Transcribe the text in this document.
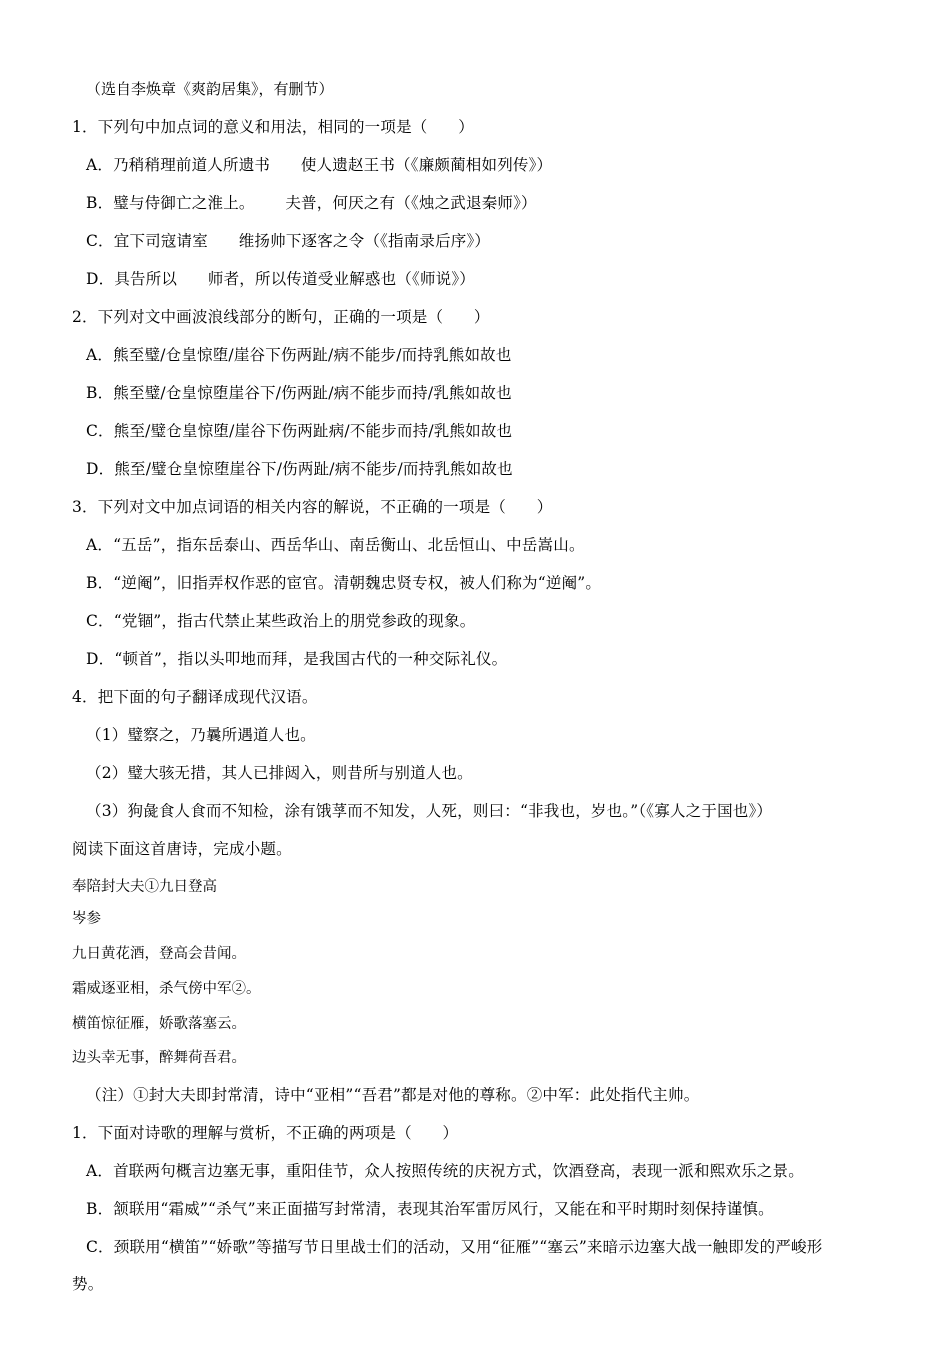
（选自李焕章《爽韵居集》，有删节）
1．下列句中加点词的意义和用法，相同的一项是（      ）
A．乃稍稍理前道人所遗书      使人遗赵王书（《廉颇蔺相如列传》）
B．璧与侍御亡之淮上。      夫普，何厌之有（《烛之武退秦师》）
C．宜下司寇请室      维扬帅下逐客之令（《指南录后序》）
D．具告所以      师者，所以传道受业解惑也（《师说》）
2．下列对文中画波浪线部分的断句，正确的一项是（      ）
A．熊至璧/仓皇惊堕/崖谷下伤两趾/病不能步/而持乳熊如故也
B．熊至璧/仓皇惊堕崖谷下/伤两趾/病不能步而持/乳熊如故也
C．熊至/璧仓皇惊堕/崖谷下伤两趾病/不能步而持/乳熊如故也
D．熊至/璧仓皇惊堕崖谷下/伤两趾/病不能步/而持乳熊如故也
3．下列对文中加点词语的相关内容的解说，不正确的一项是（      ）
A．“五岳”，指东岳泰山、西岳华山、南岳衡山、北岳恒山、中岳嵩山。
B．“逆阉”，旧指弄权作恶的宦官。清朝魏忠贤专权，被人们称为“逆阉”。
C．“党锢”，指古代禁止某些政治上的朋党参政的现象。
D．“顿首”，指以头叩地而拜，是我国古代的一种交际礼仪。
4．把下面的句子翻译成现代汉语。
（1）璧察之，乃曩所遇道人也。
（2）璧大骇无措，其人已排闼入，则昔所与别道人也。
（3）狗彘食人食而不知检，涂有饿莩而不知发，人死，则曰：“非我也，岁也。”（《寡人之于国也》）
阅读下面这首唐诗，完成小题。
奉陪封大夫①九日登高
岑参
九日黄花酒，登高会昔闻。
霜威逐亚相，杀气傍中军②。
横笛惊征雁，娇歌落塞云。
边头幸无事，醉舞荷吾君。
（注）①封大夫即封常清，诗中“亚相”“吾君”都是对他的尊称。②中军：此处指代主帅。
1．下面对诗歌的理解与赏析，不正确的两项是（      ）
A．首联两句概言边塞无事，重阳佳节，众人按照传统的庆祝方式，饮酒登高，表现一派和熙欢乐之景。
B．颔联用“霜威”“杀气”来正面描写封常清，表现其治军雷厉风行，又能在和平时期时刻保持谨慎。
C．颈联用“横笛”“娇歌”等描写节日里战士们的活动，又用“征雁”“塞云”来暗示边塞大战一触即发的严峻形
势。
